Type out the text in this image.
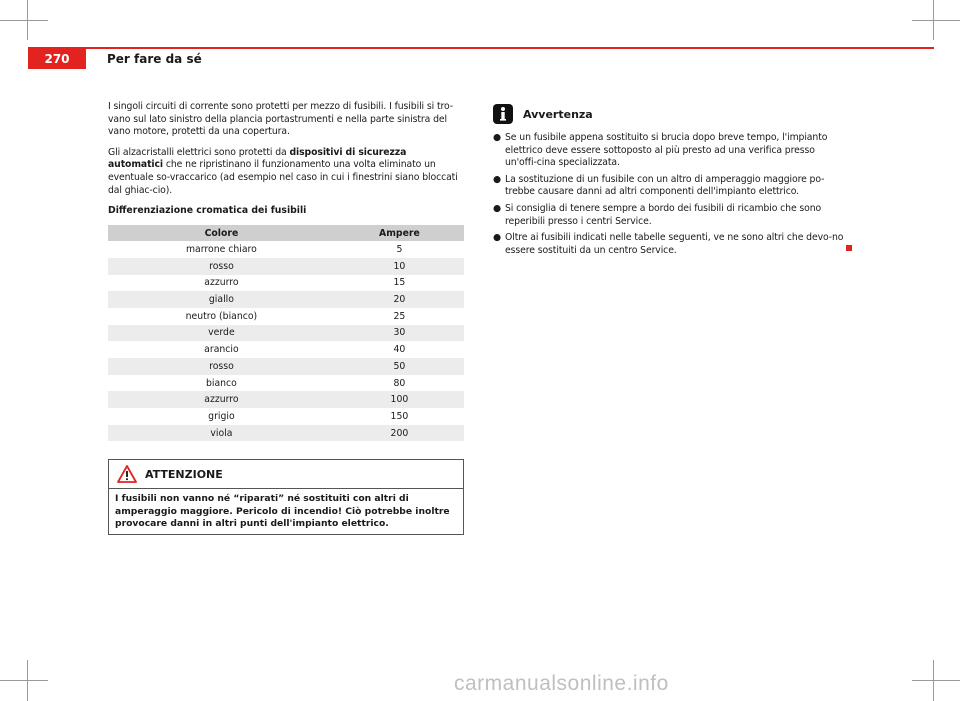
270	Per fare da sé

I singoli circuiti di corrente sono protetti per mezzo di fusibili. I fusibili si tro-vano sul lato sinistro della plancia portastrumenti e nella parte sinistra del vano motore, protetti da una copertura.

Gli alzacristalli elettrici sono protetti da dispositivi di sicurezza automatici che ne ripristinano il funzionamento una volta eliminato un eventuale so-vraccarico (ad esempio nel caso in cui i finestrini siano bloccati dal ghiac-cio).

Differenziazione cromatica dei fusibili
Colore	Ampere
marrone chiaro	5
rosso	10
azzurro	15
giallo	20
neutro (bianco)	25
verde	30
arancio	40
rosso	50
bianco	80
azzurro	100
grigio	150
viola	200
ATTENZIONE
I fusibili non vanno né “riparati” né sostituiti con altri di amperaggio maggiore. Pericolo di incendio! Ciò potrebbe inoltre provocare danni in altri punti dell'impianto elettrico.
Avvertenza
● Se un fusibile appena sostituito si brucia dopo breve tempo, l'impianto elettrico deve essere sottoposto al più presto ad una verifica presso un'offi-cina specializzata.

● La sostituzione di un fusibile con un altro di amperaggio maggiore po-trebbe causare danni ad altri componenti dell'impianto elettrico.

● Si consiglia di tenere sempre a bordo dei fusibili di ricambio che sono reperibili presso i centri Service.

● Oltre ai fusibili indicati nelle tabelle seguenti, ve ne sono altri che devo-no essere sostituiti da un centro Service.

carmanualsonline.info
